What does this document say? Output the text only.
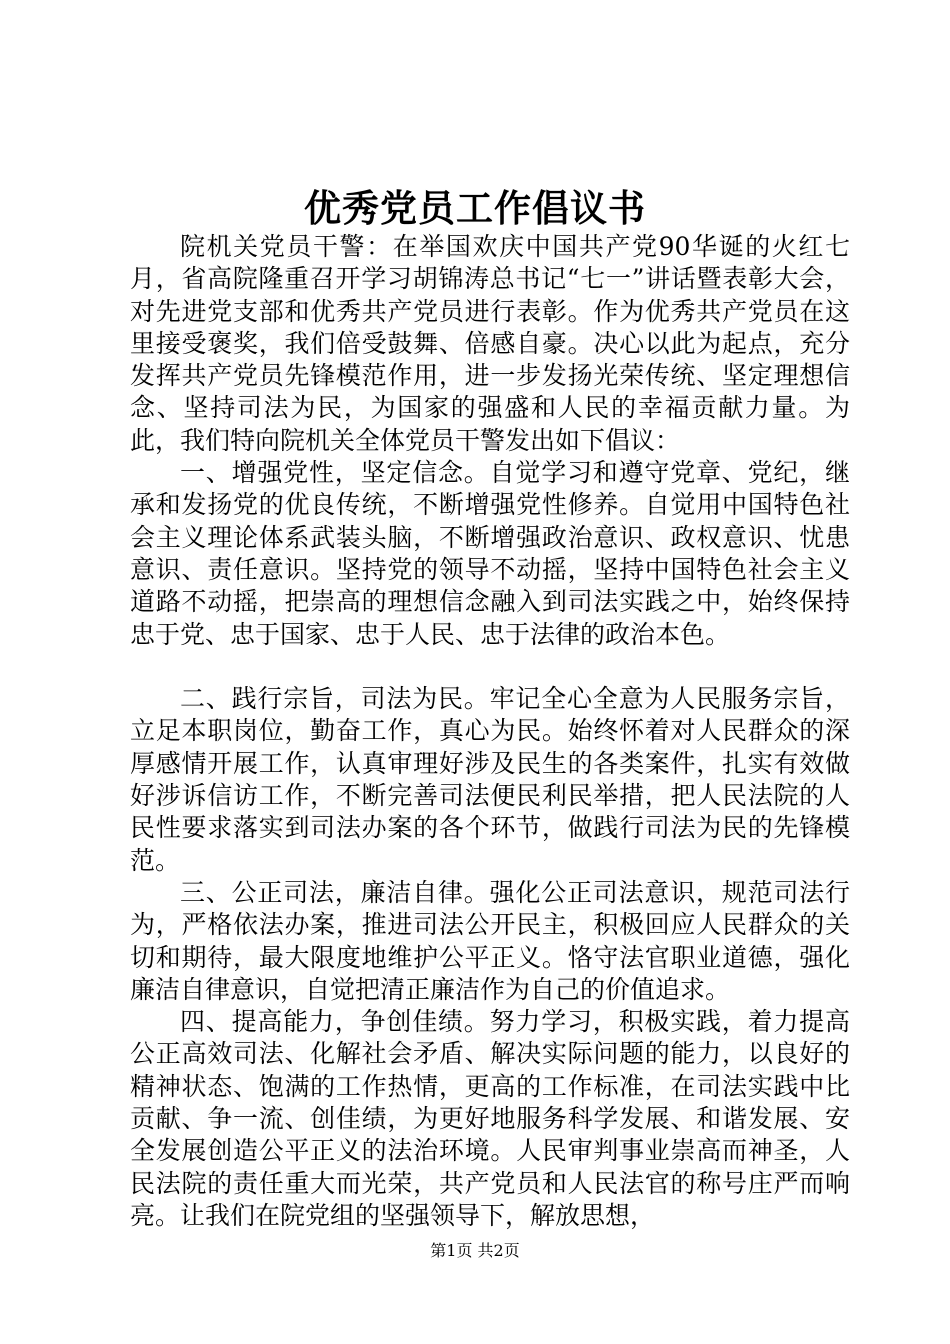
优秀党员工作倡议书

院机关党员干警：在举国欢庆中国共产党90华诞的火红七月，省高院隆重召开学习胡锦涛总书记“七一”讲话暨表彰大会，对先进党支部和优秀共产党员进行表彰。作为优秀共产党员在这里接受褒奖，我们倍受鼓舞、倍感自豪。决心以此为起点，充分发挥共产党员先锋模范作用，进一步发扬光荣传统、坚定理想信念、坚持司法为民，为国家的强盛和人民的幸福贡献力量。为此，我们特向院机关全体党员干警发出如下倡议：

一、增强党性，坚定信念。自觉学习和遵守党章、党纪，继承和发扬党的优良传统，不断增强党性修养。自觉用中国特色社会主义理论体系武装头脑，不断增强政治意识、政权意识、忧患意识、责任意识。坚持党的领导不动摇，坚持中国特色社会主义道路不动摇，把崇高的理想信念融入到司法实践之中，始终保持忠于党、忠于国家、忠于人民、忠于法律的政治本色。

二、践行宗旨，司法为民。牢记全心全意为人民服务宗旨，立足本职岗位，勤奋工作，真心为民。始终怀着对人民群众的深厚感情开展工作，认真审理好涉及民生的各类案件，扎实有效做好涉诉信访工作，不断完善司法便民利民举措，把人民法院的人民性要求落实到司法办案的各个环节，做践行司法为民的先锋模范。

三、公正司法，廉洁自律。强化公正司法意识，规范司法行为，严格依法办案，推进司法公开民主，积极回应人民群众的关切和期待，最大限度地维护公平正义。恪守法官职业道德，强化廉洁自律意识，自觉把清正廉洁作为自己的价值追求。

四、提高能力，争创佳绩。努力学习，积极实践，着力提高公正高效司法、化解社会矛盾、解决实际问题的能力，以良好的精神状态、饱满的工作热情，更高的工作标准，在司法实践中比贡献、争一流、创佳绩，为更好地服务科学发展、和谐发展、安全发展创造公平正义的法治环境。人民审判事业崇高而神圣，人民法院的责任重大而光荣，共产党员和人民法官的称号庄严而响亮。让我们在院党组的坚强领导下，解放思想，

第1页 共2页
